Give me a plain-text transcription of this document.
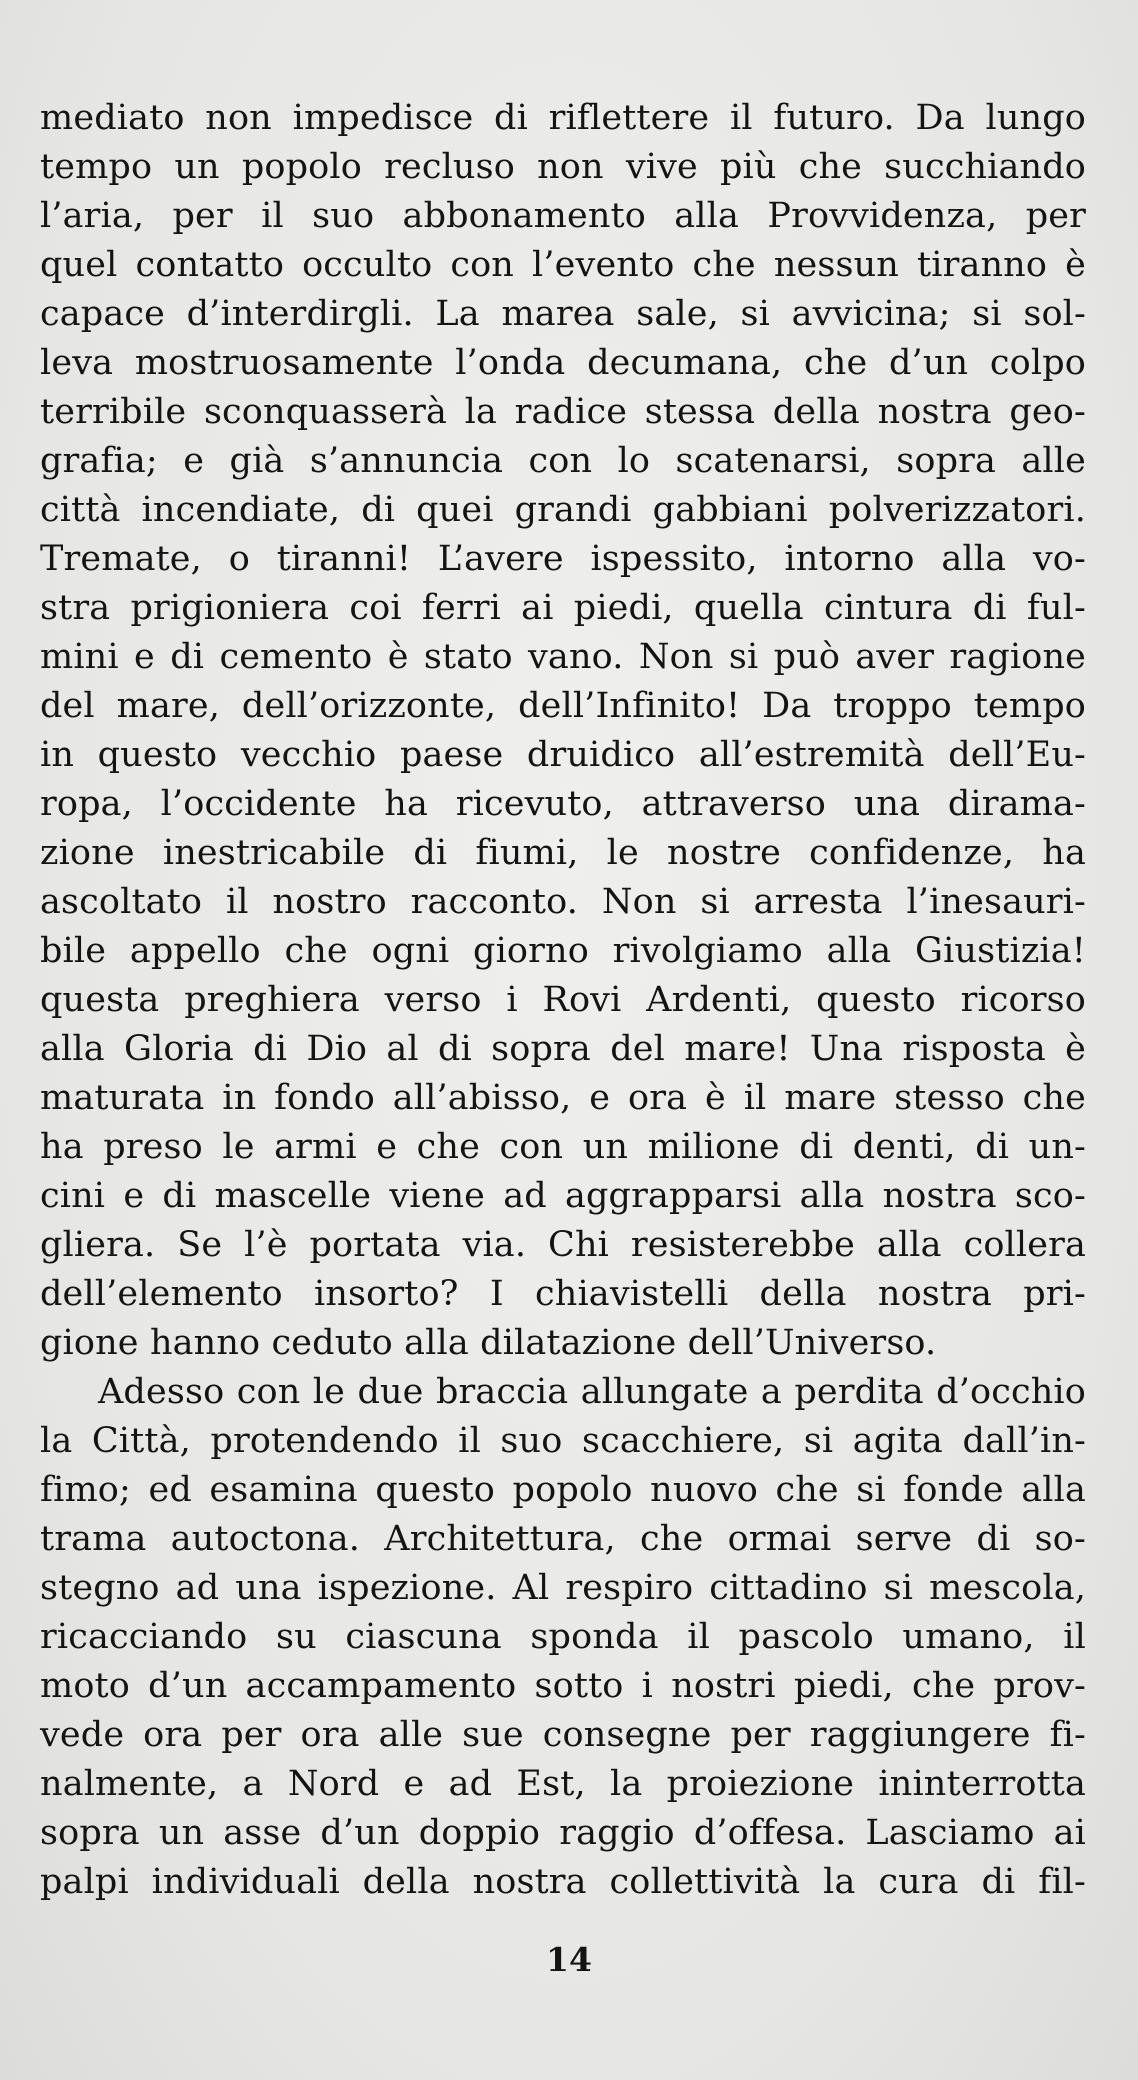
mediato non impedisce di riflettere il futuro. Da lungo
tempo un popolo recluso non vive più che succhiando
l’aria, per il suo abbonamento alla Provvidenza, per
quel contatto occulto con l’evento che nessun tiranno è
capace d’interdirgli. La marea sale, si avvicina; si sol-
leva mostruosamente l’onda decumana, che d’un colpo
terribile sconquasserà la radice stessa della nostra geo-
grafia; e già s’annuncia con lo scatenarsi, sopra alle
città incendiate, di quei grandi gabbiani polverizzatori.
Tremate, o tiranni! L’avere ispessito, intorno alla vo-
stra prigioniera coi ferri ai piedi, quella cintura di ful-
mini e di cemento è stato vano. Non si può aver ragione
del mare, dell’orizzonte, dell’Infinito! Da troppo tempo
in questo vecchio paese druidico all’estremità dell’Eu-
ropa, l’occidente ha ricevuto, attraverso una dirama-
zione inestricabile di fiumi, le nostre confidenze, ha
ascoltato il nostro racconto. Non si arresta l’inesauri-
bile appello che ogni giorno rivolgiamo alla Giustizia!
questa preghiera verso i Rovi Ardenti, questo ricorso
alla Gloria di Dio al di sopra del mare! Una risposta è
maturata in fondo all’abisso, e ora è il mare stesso che
ha preso le armi e che con un milione di denti, di un-
cini e di mascelle viene ad aggrapparsi alla nostra sco-
gliera. Se l’è portata via. Chi resisterebbe alla collera
dell’elemento insorto? I chiavistelli della nostra pri-
gione hanno ceduto alla dilatazione dell’Universo.
Adesso con le due braccia allungate a perdita d’occhio
la Città, protendendo il suo scacchiere, si agita dall’in-
fimo; ed esamina questo popolo nuovo che si fonde alla
trama autoctona. Architettura, che ormai serve di so-
stegno ad una ispezione. Al respiro cittadino si mescola,
ricacciando su ciascuna sponda il pascolo umano, il
moto d’un accampamento sotto i nostri piedi, che prov-
vede ora per ora alle sue consegne per raggiungere fi-
nalmente, a Nord e ad Est, la proiezione ininterrotta
sopra un asse d’un doppio raggio d’offesa. Lasciamo ai
palpi individuali della nostra collettività la cura di fil-
14
